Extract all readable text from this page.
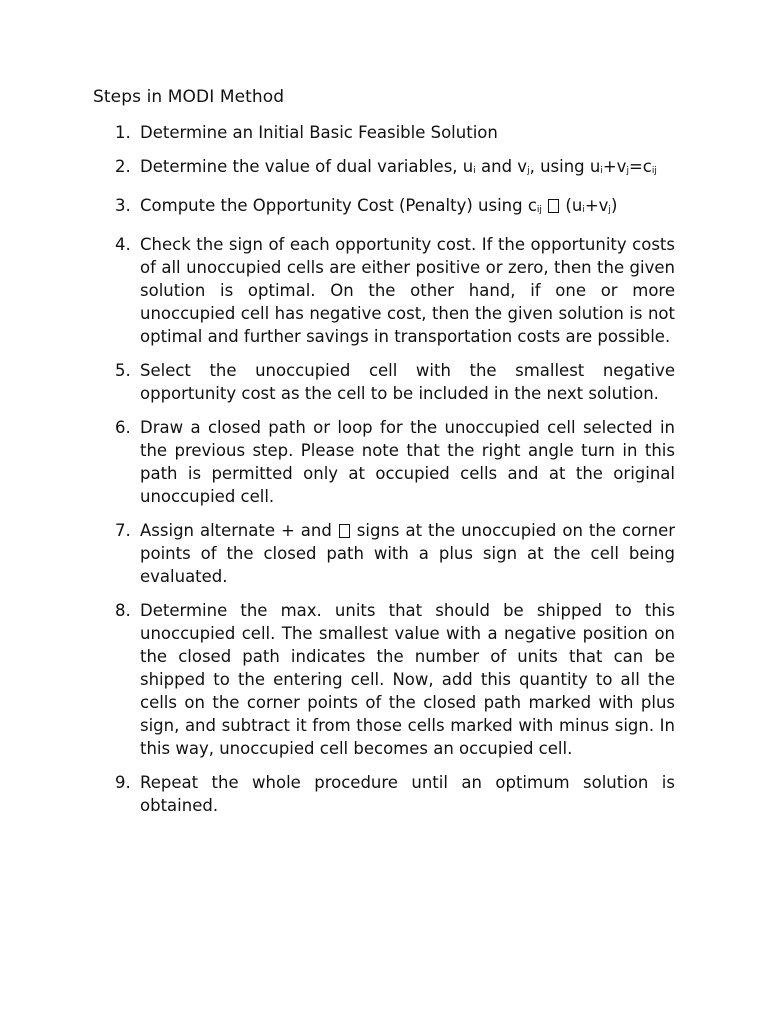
Steps in MODI Method
1. Determine an Initial Basic Feasible Solution
2. Determine the value of dual variables, ui and vj, using ui+vj=cij
3. Compute the Opportunity Cost (Penalty) using cij  (ui+vj)
4. Check the sign of each opportunity cost. If the opportunity costs of all unoccupied cells are either positive or zero, then the given solution is optimal. On the other hand, if one or more unoccupied cell has negative cost, then the given solution is not optimal and further savings in transportation costs are possible.
5. Select the unoccupied cell with the smallest negative opportunity cost as the cell to be included in the next solution.
6. Draw a closed path or loop for the unoccupied cell selected in the previous step. Please note that the right angle turn in this path is permitted only at occupied cells and at the original unoccupied cell.
7. Assign alternate + and  signs at the unoccupied on the corner points of the closed path with a plus sign at the cell being evaluated.
8. Determine the max. units that should be shipped to this unoccupied cell. The smallest value with a negative position on the closed path indicates the number of units that can be shipped to the entering cell. Now, add this quantity to all the cells on the corner points of the closed path marked with plus sign, and subtract it from those cells marked with minus sign. In this way, unoccupied cell becomes an occupied cell.
9. Repeat the whole procedure until an optimum solution is obtained.
